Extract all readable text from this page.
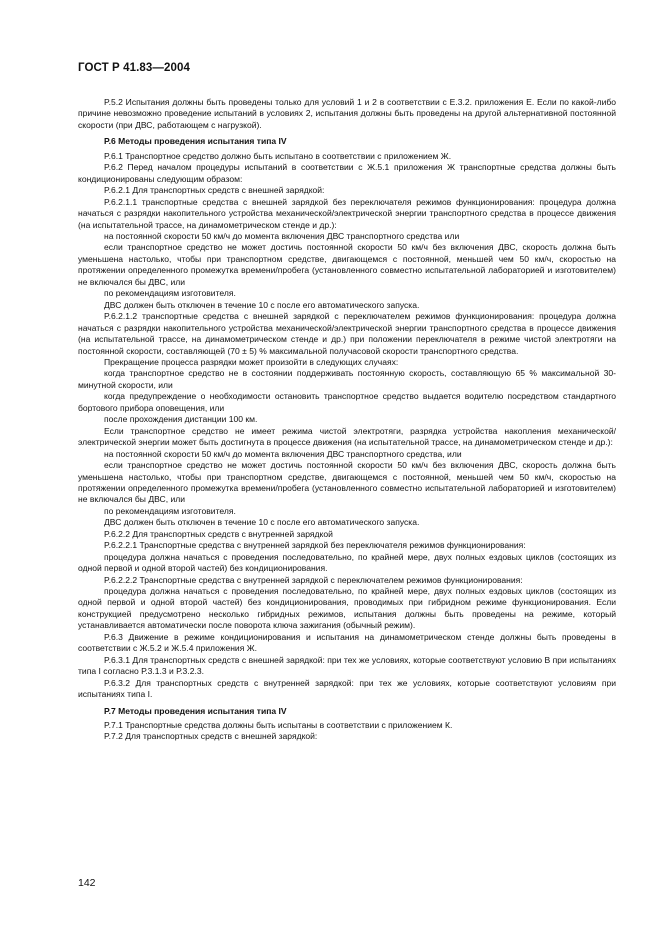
ГОСТ Р 41.83—2004

P.5.2 Испытания должны быть проведены только для условий 1 и 2 в соответствии с Е.3.2. приложения Е. Если по какой-либо причине невозможно проведение испытаний в условиях 2, испытания должны быть проведены на другой альтернативной постоянной скорости (при ДВС, работающем с нагрузкой).

P.6 Методы проведения испытания типа IV

P.6.1 Транспортное средство должно быть испытано в соответствии с приложением Ж.

P.6.2 Перед началом процедуры испытаний в соответствии с Ж.5.1 приложения Ж транспортные средства должны быть кондиционированы следующим образом:

P.6.2.1 Для транспортных средств с внешней зарядкой:

P.6.2.1.1 транспортные средства с внешней зарядкой без переключателя режимов функционирования: процедура должна начаться с разрядки накопительного устройства механической/электрической энергии транспортного средства в процессе движения (на испытательной трассе, на динамометрическом стенде и др.):

на постоянной скорости 50 км/ч до момента включения ДВС транспортного средства или

если транспортное средство не может достичь постоянной скорости 50 км/ч без включения ДВС, скорость должна быть уменьшена настолько, чтобы при транспортном средстве, двигающемся с постоянной, меньшей чем 50 км/ч, скоростью на протяжении определенного промежутка времени/пробега (установленного совместно испытательной лабораторией и изготовителем) не включался бы ДВС, или

по рекомендациям изготовителя.

ДВС должен быть отключен в течение 10 с после его автоматического запуска.

P.6.2.1.2 транспортные средства с внешней зарядкой с переключателем режимов функционирования: процедура должна начаться с разрядки накопительного устройства механической/электрической энергии транспортного средства в процессе движения (на испытательной трассе, на динамометрическом стенде и др.) при положении переключателя в режиме чистой электротяги на постоянной скорости, составляющей (70 ± 5) % максимальной получасовой скорости транспортного средства.

Прекращение процесса разрядки может произойти в следующих случаях:

когда транспортное средство не в состоянии поддерживать постоянную скорость, составляющую 65 % максимальной 30-минутной скорости, или

когда предупреждение о необходимости остановить транспортное средство выдается водителю посредством стандартного бортового прибора оповещения, или

после прохождения дистанции 100 км.

Если транспортное средство не имеет режима чистой электротяги, разрядка устройства накопления механической/электрической энергии может быть достигнута в процессе движения (на испытательной трассе, на динамометрическом стенде и др.):

на постоянной скорости 50 км/ч до момента включения ДВС транспортного средства, или

если транспортное средство не может достичь постоянной скорости 50 км/ч без включения ДВС, скорость должна быть уменьшена настолько, чтобы при транспортном средстве, двигающемся с постоянной, меньшей чем 50 км/ч, скоростью на протяжении определенного промежутка времени/пробега (установленного совместно испытательной лабораторией и изготовителем) не включался бы ДВС, или

по рекомендациям изготовителя.

ДВС должен быть отключен в течение 10 с после его автоматического запуска.

P.6.2.2 Для транспортных средств с внутренней зарядкой

P.6.2.2.1 Транспортные средства с внутренней зарядкой без переключателя режимов функционирования:

процедура должна начаться с проведения последовательно, по крайней мере, двух полных ездовых циклов (состоящих из одной первой и одной второй частей) без кондиционирования.

P.6.2.2.2 Транспортные средства с внутренней зарядкой с переключателем режимов функционирования:

процедура должна начаться с проведения последовательно, по крайней мере, двух полных ездовых циклов (состоящих из одной первой и одной второй частей) без кондиционирования, проводимых при гибридном режиме функционирования. Если конструкцией предусмотрено несколько гибридных режимов, испытания должны быть проведены на режиме, который устанавливается автоматически после поворота ключа зажигания (обычный режим).

P.6.3 Движение в режиме кондиционирования и испытания на динамометрическом стенде должны быть проведены в соответствии с Ж.5.2 и Ж.5.4 приложения Ж.

P.6.3.1 Для транспортных средств с внешней зарядкой: при тех же условиях, которые соответствуют условию В при испытаниях типа I согласно Р.3.1.3 и Р.3.2.3.

P.6.3.2 Для транспортных средств с внутренней зарядкой: при тех же условиях, которые соответствуют условиям при испытаниях типа I.

P.7 Методы проведения испытания типа IV

P.7.1 Транспортные средства должны быть испытаны в соответствии с приложением К.

P.7.2 Для транспортных средств с внешней зарядкой:

142
